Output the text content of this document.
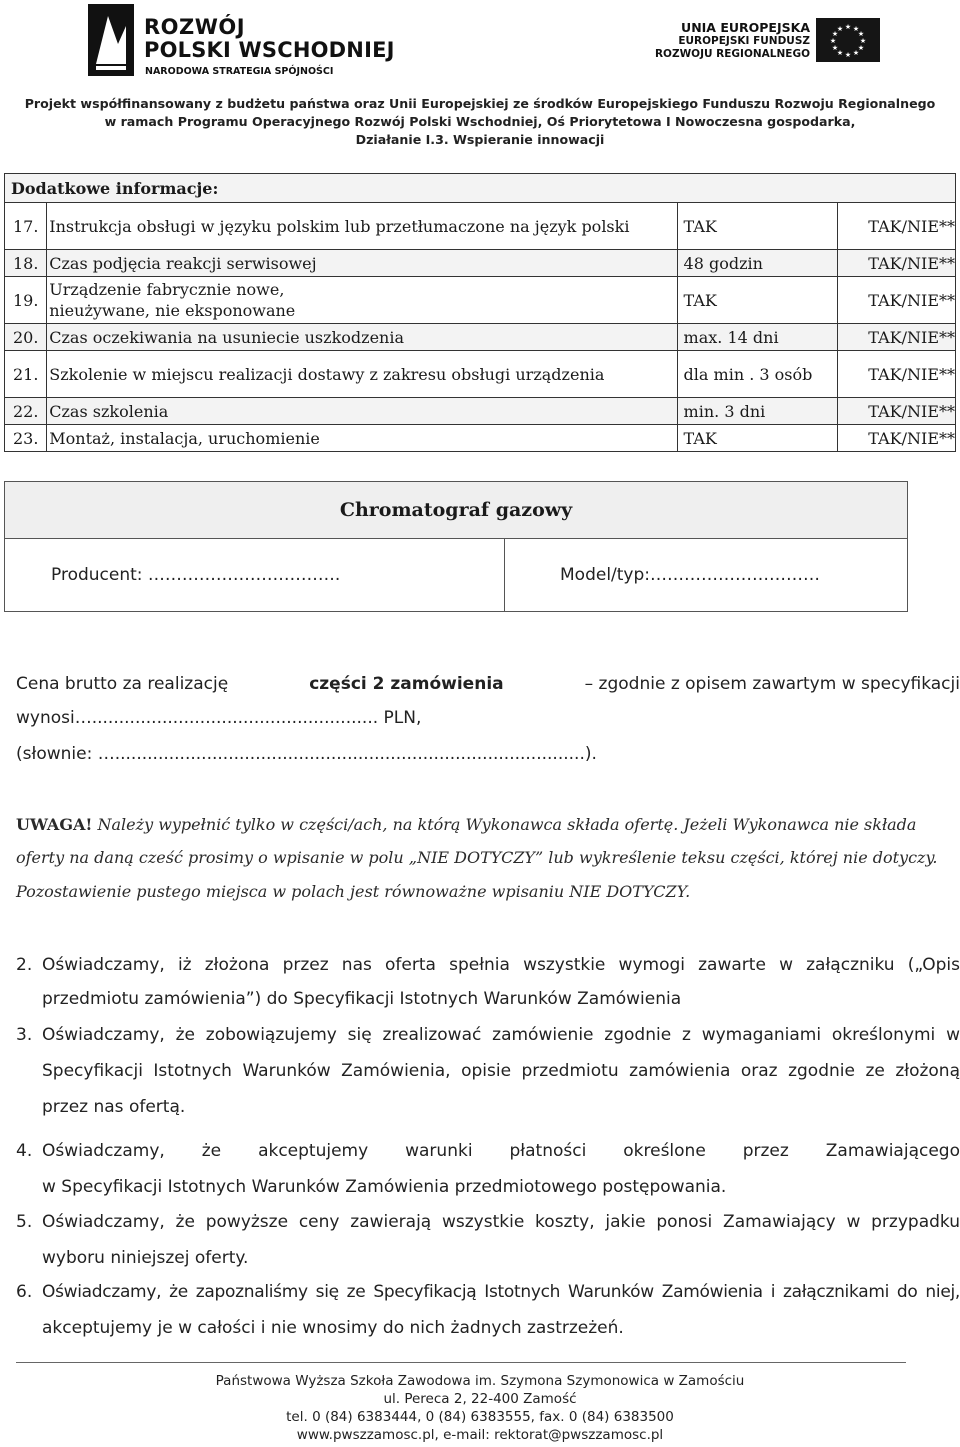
ROZWÓJ
POLSKI WSCHODNIEJ
NARODOWA STRATEGIA SPÓJNOŚCI
UNIA EUROPEJSKA
EUROPEJSKI FUNDUSZ
ROZWOJU REGIONALNEGO
★ ★
★
★
★
★
★
★
★
★
★
★
Projekt współfinansowany z budżetu państwa oraz Unii Europejskiej ze środków Europejskiego Funduszu Rozwoju Regionalnego
w ramach Programu Operacyjnego Rozwój Polski Wschodniej, Oś Priorytetowa I Nowoczesna gospodarka,
Działanie I.3. Wspieranie innowacji
Dodatkowe informacje:			
17.	Instrukcja obsługi w języku polskim lub przetłumaczone na język polski	TAK	TAK/NIE**
18.	Czas podjęcia reakcji serwisowej	48 godzin	TAK/NIE**
19.	Urządzenie fabrycznie nowe, nieużywane, nie eksponowane	TAK	TAK/NIE**
20.	Czas oczekiwania na usuniecie uszkodzenia	max. 14 dni	TAK/NIE**
21.	Szkolenie w miejscu realizacji dostawy z zakresu obsługi urządzenia	dla min . 3 osób	TAK/NIE**
22.	Czas szkolenia	min. 3 dni	TAK/NIE**
23.	Montaż, instalacja, uruchomienie	TAK	TAK/NIE**
Chromatograf gazowy
Producent: …………………………….	Model/typ:…………………………
Cena brutto za realizację	części 2 zamówienia	– zgodnie z opisem zawartym w specyfikacji
wynosi…..................................................... PLN,
(słownie: ….......................................................................................).
UWAGA! Należy wypełnić tylko w części/ach, na którą Wykonawca składa ofertę. Jeżeli Wykonawca nie składa
oferty na daną cześć prosimy o wpisanie w polu „NIE DOTYCZY” lub wykreślenie teksu części, której nie dotyczy.
Pozostawienie pustego miejsca w polach jest równoważne wpisaniu NIE DOTYCZY.
2. Oświadczamy, iż złożona przez nas oferta spełnia wszystkie wymogi zawarte w załączniku („Opis
przedmiotu zamówienia”) do Specyfikacji Istotnych Warunków Zamówienia
3. Oświadczamy, że zobowiązujemy się zrealizować zamówienie zgodnie z wymaganiami określonymi w
Specyfikacji Istotnych Warunków Zamówienia, opisie przedmiotu zamówienia oraz zgodnie ze złożoną
przez nas ofertą.
4. Oświadczamy, że akceptujemy warunki płatności określone przez Zamawiającego
w Specyfikacji Istotnych Warunków Zamówienia przedmiotowego postępowania.
5. Oświadczamy, że powyższe ceny zawierają wszystkie koszty, jakie ponosi Zamawiający w przypadku
wyboru niniejszej oferty.
6. Oświadczamy, że zapoznaliśmy się ze Specyfikacją Istotnych Warunków Zamówienia i załącznikami do niej,
akceptujemy je w całości i nie wnosimy do nich żadnych zastrzeżeń.
Państwowa Wyższa Szkoła Zawodowa im. Szymona Szymonowica w Zamościu
ul. Pereca 2, 22-400 Zamość
tel. 0 (84) 6383444, 0 (84) 6383555, fax. 0 (84) 6383500
www.pwszzamosc.pl, e-mail: rektorat@pwszzamosc.pl
